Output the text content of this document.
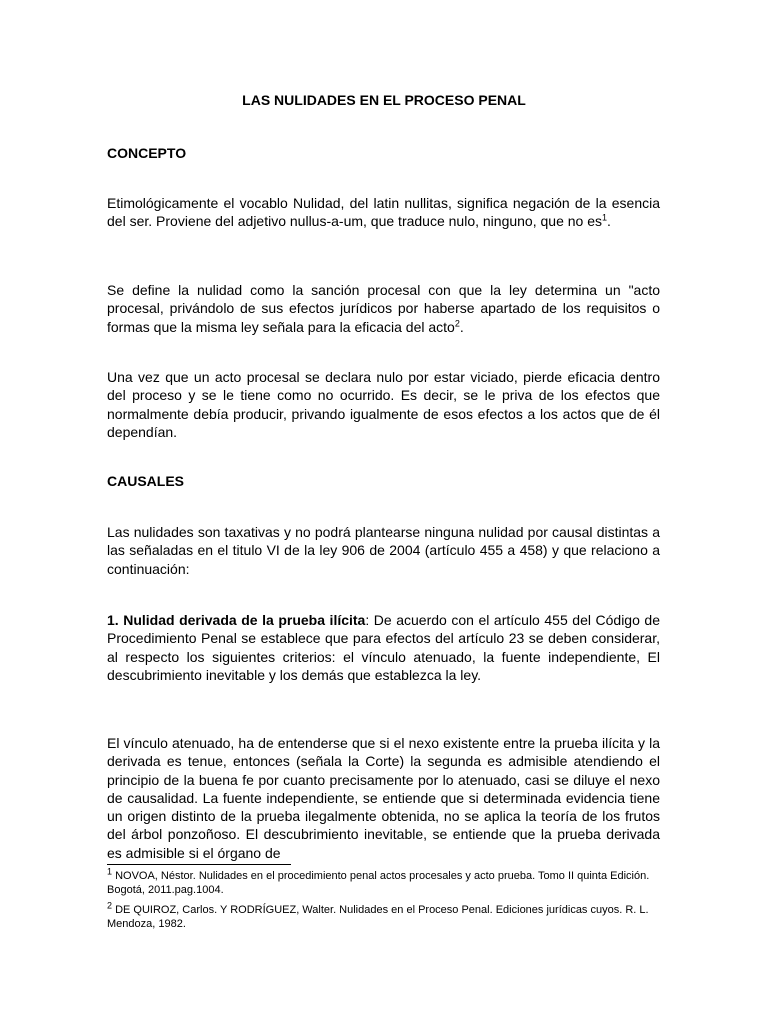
LAS NULIDADES EN EL PROCESO PENAL
CONCEPTO

Etimológicamente el vocablo Nulidad, del latin nullitas, significa negación de la esencia del ser. Proviene del adjetivo nullus-a-um, que traduce nulo, ninguno, que no $es^1$.

Se define la nulidad como la sanción procesal con que la ley determina un "acto procesal, privándolo de sus efectos jurídicos por haberse apartado de los requisitos o formas que la misma ley señala para la eficacia del acto$^2$.

Una vez que un acto procesal se declara nulo por estar viciado, pierde eficacia dentro del proceso y se le tiene como no ocurrido. Es decir, se le priva de los efectos que normalmente debía producir, privando igualmente de esos efectos a los actos que de él dependían.

CAUSALES

Las nulidades son taxativas y no podrá plantearse ninguna nulidad por causal distintas a las señaladas en el titulo VI de la ley 906 de 2004 (artículo 455 a 458) y que relaciono a continuación:

1. Nulidad derivada de la prueba ilícita: De acuerdo con el artículo 455 del Código de Procedimiento Penal se establece que para efectos del artículo 23 se deben considerar, al respecto los siguientes criterios: el vínculo atenuado, la fuente independiente, El descubrimiento inevitable y los demás que establezca la ley.

El vínculo atenuado, ha de entenderse que si el nexo existente entre la prueba ilícita y la derivada es tenue, entonces (señala la Corte) la segunda es admisible atendiendo el principio de la buena fe por cuanto precisamente por lo atenuado, casi se diluye el nexo de causalidad. La fuente independiente, se entiende que si determinada evidencia tiene un origen distinto de la prueba ilegalmente obtenida, no se aplica la teoría de los frutos del árbol ponzoñoso. El descubrimiento inevitable, se entiende que la prueba derivada es admisible si el órgano de

$^1$ NOVOA, Néstor. Nulidades en el procedimiento penal actos procesales y acto prueba. Tomo II quinta Edición. Bogotá, 2011.pag.1004.

$^2$ DE QUIROZ, Carlos. Y RODRÍGUEZ, Walter. Nulidades en el Proceso Penal. Ediciones jurídicas cuyos. R. L. Mendoza, 1982.
